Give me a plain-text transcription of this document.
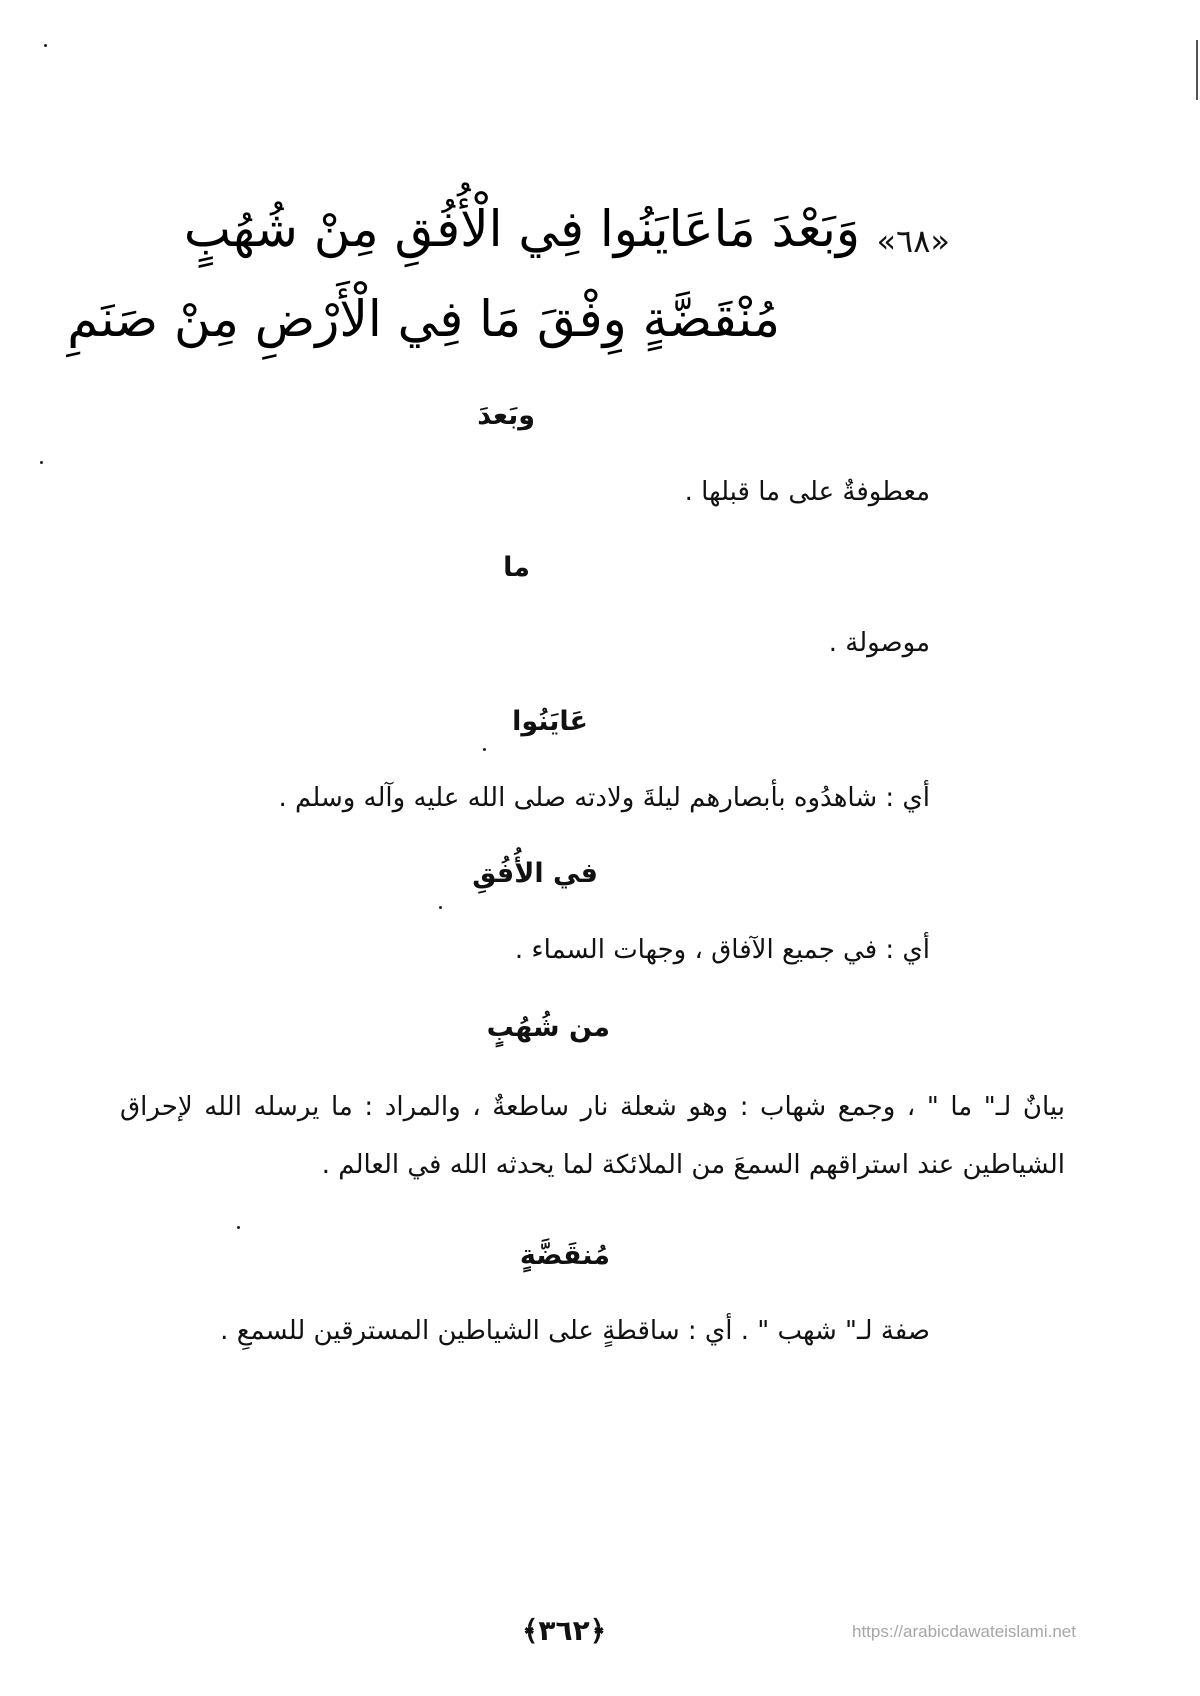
«٦٨»
وَبَعْدَ مَاعَايَنُوا فِي الْأُفُقِ مِنْ شُهُبٍ
مُنْقَضَّةٍ وِفْقَ مَا فِي الْأَرْضِ مِنْ صَنَمِ
وبَعدَ
معطوفةٌ على ما قبلها .
ما
موصولة .
عَايَنُوا
أي : شاهدُوه بأبصارهم ليلةَ ولادته صلى الله عليه وآله وسلم .
في الأُفُقِ
أي : في جميع الآفاق ، وجهات السماء .
من شُهُبٍ
بيانٌ لـ" ما " ، وجمع شهاب : وهو شعلة نار ساطعةٌ ، والمراد : ما يرسله الله لإحراق الشياطين عند استراقهم السمعَ من الملائكة لما يحدثه الله في العالم .
مُنقَضَّةٍ
صفة لـ" شهب " . أي : ساقطةٍ على الشياطين المسترقين للسمعِ .
﴿٣٦٢﴾	https://arabicdawateislami.net
